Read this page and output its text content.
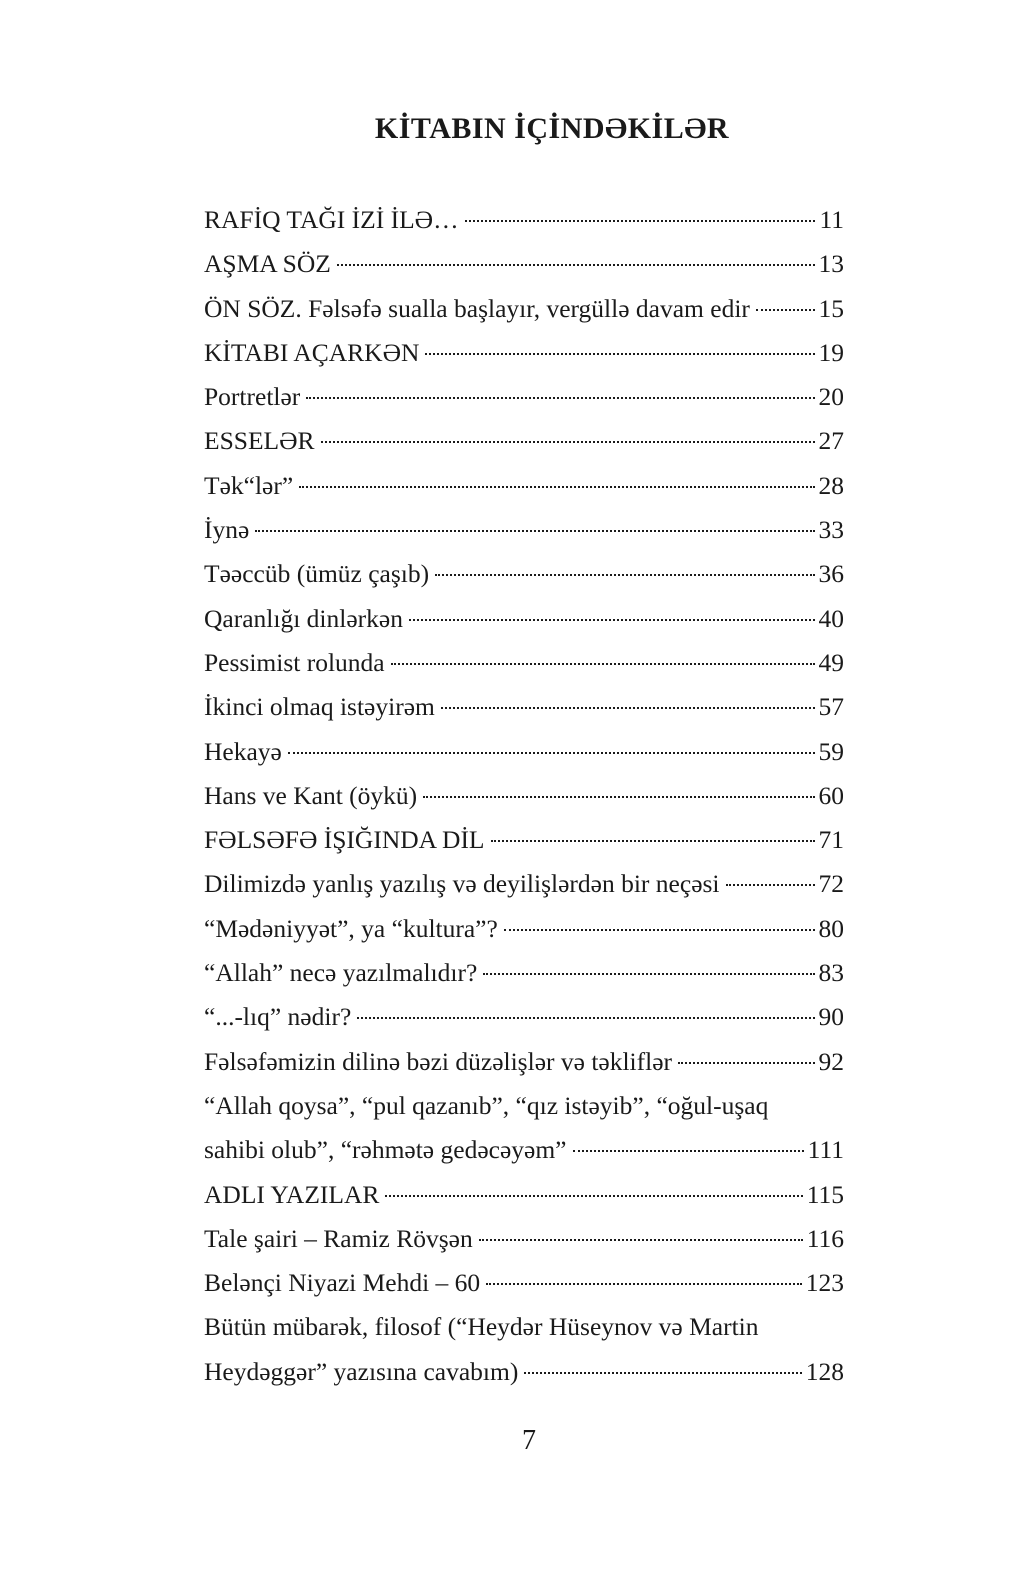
KİTABIN İÇİNDƏKİLƏR
RAFİQ TAĞI İZİ İLƏ…	11
AŞMA SÖZ	13
ÖN SÖZ. Fəlsəfə sualla başlayır, vergüllə davam edir	15
KİTABI AÇARKƏN	19
Portretlər	20
ESSELƏR	27
Tək“lər”	28
İynə	33
Təəccüb (ümüz çaşıb)	36
Qaranlığı dinlərkən	40
Pessimist rolunda	49
İkinci olmaq istəyirəm	57
Hekayə	59
Hans ve Kant (öykü)	60
FƏLSƏFƏ İŞIĞINDA DİL	71
Dilimizdə yanlış yazılış və deyilişlərdən bir neçəsi	72
“Mədəniyyət”, ya “kultura”?	80
“Allah” necə yazılmalıdır?	83
“...-lıq” nədir?	90
Fəlsəfəmizin dilinə bəzi düzəlişlər və təkliflər	92
“Allah qoysa”, “pul qazanıb”, “qız istəyib”, “oğul-uşaq
sahibi olub”, “rəhmətə gedəcəyəm”	111
ADLI YAZILAR	115
Tale şairi – Ramiz Rövşən	116
Belənçi Niyazi Mehdi – 60	123
Bütün mübarək, filosof (“Heydər Hüseynov və Martin
Heydəggər” yazısına cavabım)	128
7
